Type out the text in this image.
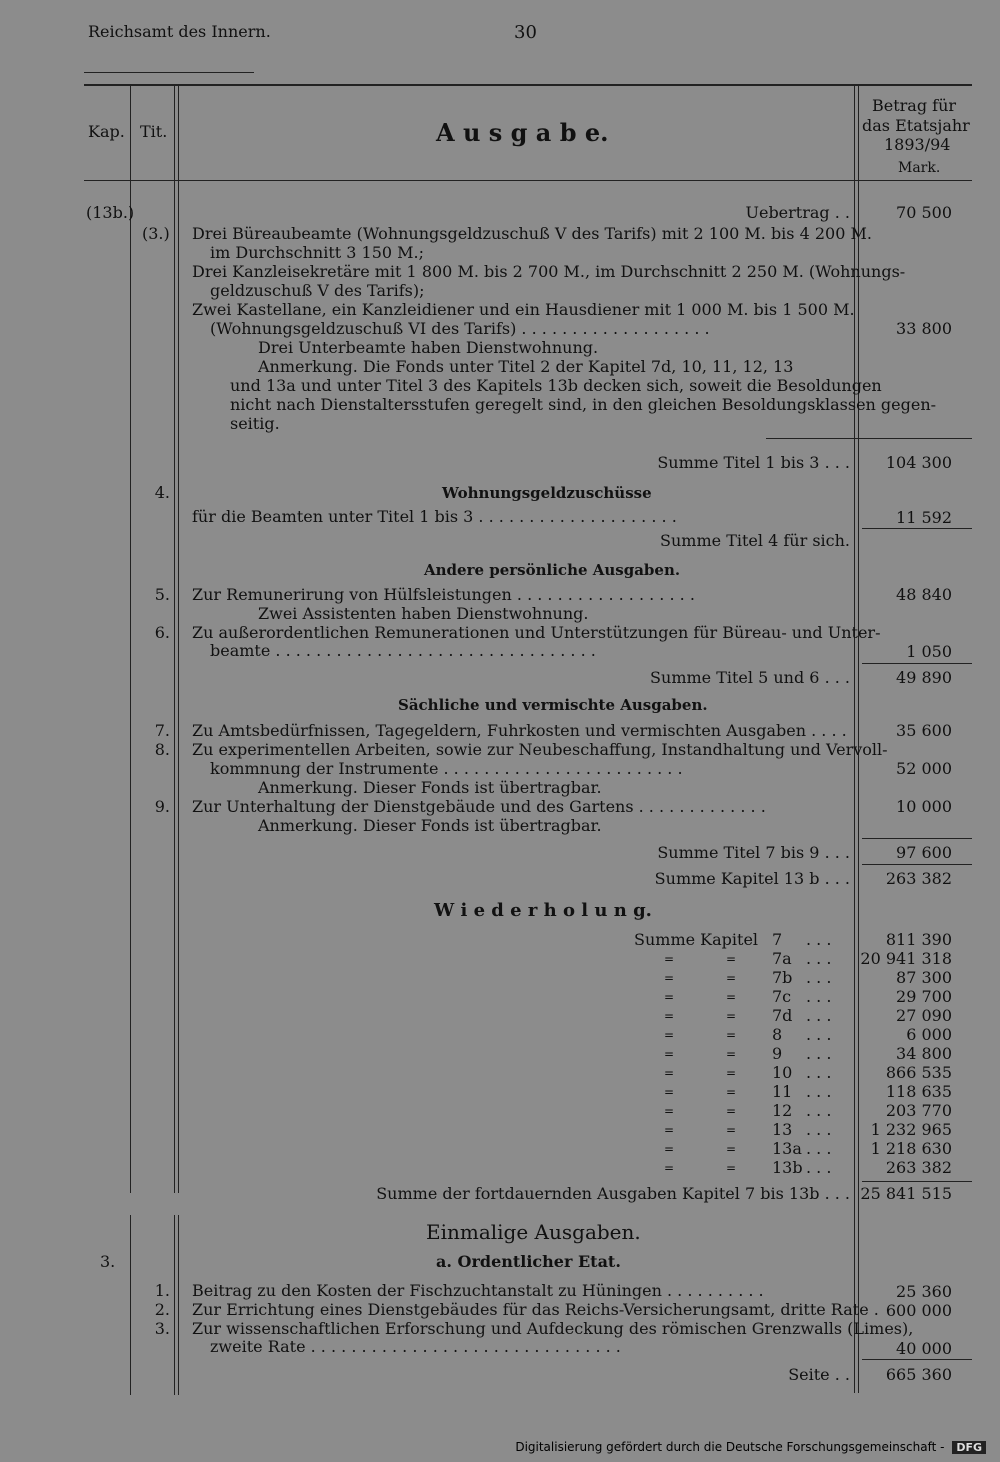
Reichsamt des Innern.	30
Kap. Tit.	A u s g a b e.
Betrag für
das Etatsjahr
1893/94
Mark.
(13b.)	Uebertrag . .	70 500
(3.) Drei Büreaubeamte (Wohnungsgeldzuschuß V des Tarifs) mit 2 100 M. bis 4 200 M.
im Durchschnitt 3 150 M.;
Drei Kanzleisekretäre mit 1 800 M. bis 2 700 M., im Durchschnitt 2 250 M. (Wohnungs-
geldzuschuß V des Tarifs);
Zwei Kastellane, ein Kanzleidiener und ein Hausdiener mit 1 000 M. bis 1 500 M.
(Wohnungsgeldzuschuß VI des Tarifs) . . . . . . . . . . . . . . . . . . .	33 800
Drei Unterbeamte haben Dienstwohnung.
Anmerkung. Die Fonds unter Titel 2 der Kapitel 7d, 10, 11, 12, 13
und 13a und unter Titel 3 des Kapitels 13b decken sich, soweit die Besoldungen
nicht nach Dienstaltersstufen geregelt sind, in den gleichen Besoldungsklassen gegen-
seitig.
Summe Titel 1 bis 3 . . . 104 300
4.	Wohnungsgeldzuschüsse
für die Beamten unter Titel 1 bis 3 . . . . . . . . . . . . . . . . . . . .	11 592
Summe Titel 4 für sich.
Andere persönliche Ausgaben.
5. Zur Remunerirung von Hülfsleistungen . . . . . . . . . . . . . . . . . .	48 840
Zwei Assistenten haben Dienstwohnung.
6. Zu außerordentlichen Remunerationen und Unterstützungen für Büreau- und Unter-
beamte . . . . . . . . . . . . . . . . . . . . . . . . . . . . . . . .	1 050
Summe Titel 5 und 6 . . .	49 890
Sächliche und vermischte Ausgaben.
7. Zu Amtsbedürfnissen, Tagegeldern, Fuhrkosten und vermischten Ausgaben . . . .	35 600
8. Zu experimentellen Arbeiten, sowie zur Neubeschaffung, Instandhaltung und Vervoll-
kommnung der Instrumente . . . . . . . . . . . . . . . . . . . . . . . .	52 000
Anmerkung. Dieser Fonds ist übertragbar.
9. Zur Unterhaltung der Dienstgebäude und des Gartens . . . . . . . . . . . . .	10 000
Anmerkung. Dieser Fonds ist übertragbar.
Summe Titel 7 bis 9 . . .	97 600
Summe Kapitel 13 b . . . 263 382
W i e d e r h o l u n g.
Summe Kapitel 7 . . .	811 390
=	= 7a . . . 20 941 318
=	= 7b . . .	87 300
=	= 7c . . .	29 700
=	= 7d . . .	27 090
=	= 8 . . .	6 000
=	= 9 . . .	34 800
=	= 10 . . .	866 535
=	= 11 . . .	118 635
=	= 12 . . .	203 770
=	= 13 . . . 1 232 965
=	= 13a . . . 1 218 630
=	= 13b . . .	263 382
Summe der fortdauernden Ausgaben Kapitel 7 bis 13b . . . 25 841 515
Einmalige Ausgaben.
a. Ordentlicher Etat.
3.
1. Beitrag zu den Kosten der Fischzuchtanstalt zu Hüningen . . . . . . . . . .	25 360
2. Zur Errichtung eines Dienstgebäudes für das Reichs-Versicherungsamt, dritte Rate . 600 000
3. Zur wissenschaftlichen Erforschung und Aufdeckung des römischen Grenzwalls (Limes),
zweite Rate . . . . . . . . . . . . . . . . . . . . . . . . . . . . . . .	40 000
Seite . . 665 360
Digitalisierung gefördert durch die Deutsche Forschungsgemeinschaft - DFG
